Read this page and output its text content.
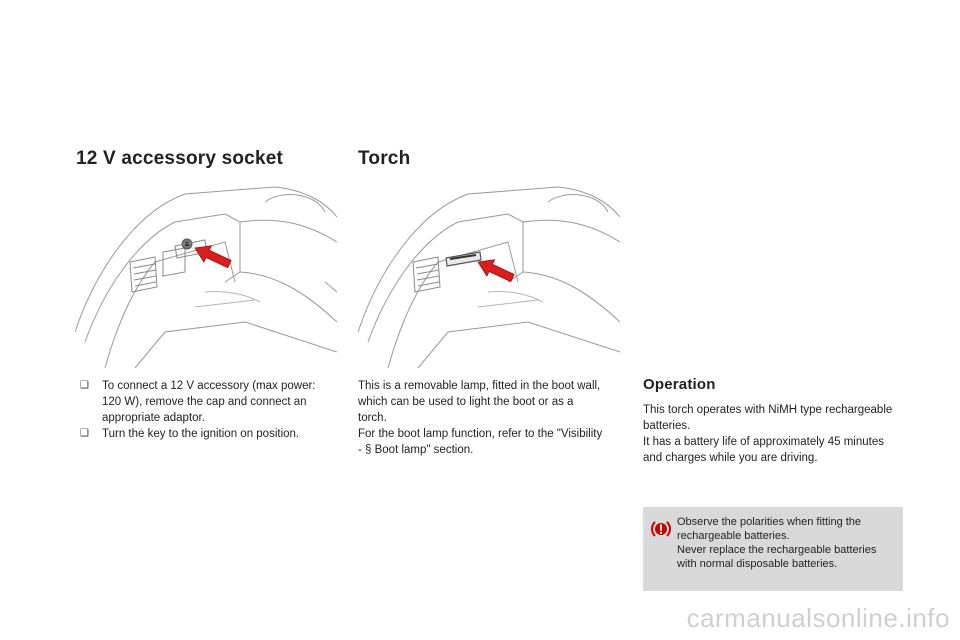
12 V accessory socket	Torch

❑ To connect a 12 V accessory (max power: 120 W), remove the cap and connect an appropriate adaptor.

❑ Turn the key to the ignition on position.

This is a removable lamp, fitted in the boot wall, which can be used to light the boot or as a torch.

For the boot lamp function, refer to the "Visibility - § Boot lamp" section.

Operation

This torch operates with NiMH type rechargeable batteries.

It has a battery life of approximately 45 minutes and charges while you are driving.

Observe the polarities when fitting the rechargeable batteries.
Never replace the rechargeable batteries with normal disposable batteries.

carmanualsonline.info
